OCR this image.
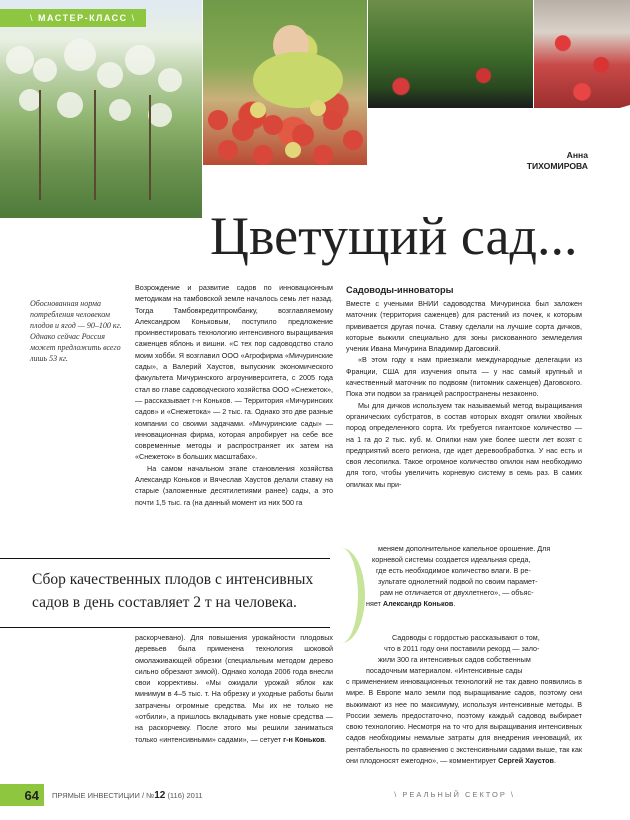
\ МАСТЕР-КЛАСС \
Анна
ТИХОМИРОВА
Цветущий сад...
Обоснованная норма потребления человеком плодов и ягод — 90–100 кг. Однако сейчас Россия может предложить всего лишь 53 кг.

Возрождение и развитие садов по инновационным методикам на тамбовской земле началось семь лет назад. Тогда Тамбовкредитпромбанку, возглавляемому Александром Коньковым, поступило предложение проинвестировать технологию интенсивного выращивания саженцев яблонь и вишни. «С тех пор садоводство стало моим хобби. Я возглавил ООО «Агрофирма «Мичуринские сады», а Валерий Хаустов, выпускник экономического факультета Мичуринского агроуниверситета, с 2005 года стал во главе садоводческого хозяйства ООО «Снежеток», — рассказывает г-н Коньков. — Территория «Мичуринских садов» и «Снежетока» — 2 тыс. га. Однако это две разные компании со своими задачами. «Мичуринские сады» — инновационная фирма, которая апробирует на себе все современные методы и распространяет их затем на «Снежеток» в больших масштабах».

На самом начальном этапе становления хозяйства Александр Коньков и Вячеслав Хаустов делали ставку на старые (заложенные десятилетиями ранее) сады, а это почти 1,5 тыс. га (на данный момент из них 500 га

Садоводы-инноваторы

Вместе с учеными ВНИИ садоводства Мичуринска был заложен маточник (территория саженцев) для растений из почек, к которым прививается другая почка. Ставку сделали на лучшие сорта дичков, которые выжили специально для зоны рискованного земледелия ученик Ивана Мичурина Владимир Даговский.

«В этом году к нам приезжали международные делегации из Франции, США для изучения опыта — у нас самый крупный и качественный маточник по подвоям (питомник саженцев) Даговского. Пока эти подвои за границей распространены незаконно.

Мы для дичков используем так называемый метод выращивания органических субстратов, в состав которых входят опилки хвойных пород определенного сорта. Их требуется гигантское количество — на 1 га до 2 тыс. куб. м. Опилки нам уже более шести лет возят с предприятий всего региона, где идет деревообработка. У нас есть и своя лесопилка. Такое огромное количество опилок нам необходимо для того, чтобы увеличить корневую систему в семь раз. В самих опилках мы при-

меняем дополнительное капельное орошение. Для
корневой системы создается идеальная среда,
где есть необходимое количество влаги. В ре-
зультате однолетний подвой по своим парамет-
рам не отличается от двухлетнего», — объяс-
няет Александр Коньков.
Сбор качественных плодов с интенсивных садов в день составляет 2 т на человека.

раскорчевано). Для повышения урожайности плодовых деревьев была применена технология шоковой омолаживающей обрезки (специальным методом дерево сильно обрезают зимой). Однако холода 2006 года внесли свои коррективы. «Мы ожидали урожай яблок как минимум в 4–5 тыс. т. На обрезку и уходные работы были затрачены огромные средства. Мы их не только не «отбили», а пришлось вкладывать уже новые средства — на раскорчевку. После этого мы решили заниматься только «интенсивными» садами», — сетует г-н Коньков.

Садоводы с гордостью рассказывают о том,
что в 2011 году они поставили рекорд — зало-
жили 300 га интенсивных садов собственным
посадочным материалом. «Интенсивные сады

с применением инновационных технологий не так давно появились в мире. В Европе мало земли под выращивание садов, поэтому они выжимают из нее по максимуму, используя интенсивные методы. В России земель предостаточно, поэтому каждый садовод выбирает свою технологию. Несмотря на то что для выращивания интенсивных садов необходимы немалые затраты для внедрения инноваций, их рентабельность по сравнению с экстенсивными садами выше, так как они плодоносят ежегодно», — комментирует Сергей Хаустов.

64	ПРЯМЫЕ ИНВЕСТИЦИИ / №12 (116) 2011	\ РЕАЛЬНЫЙ СЕКТОР \
